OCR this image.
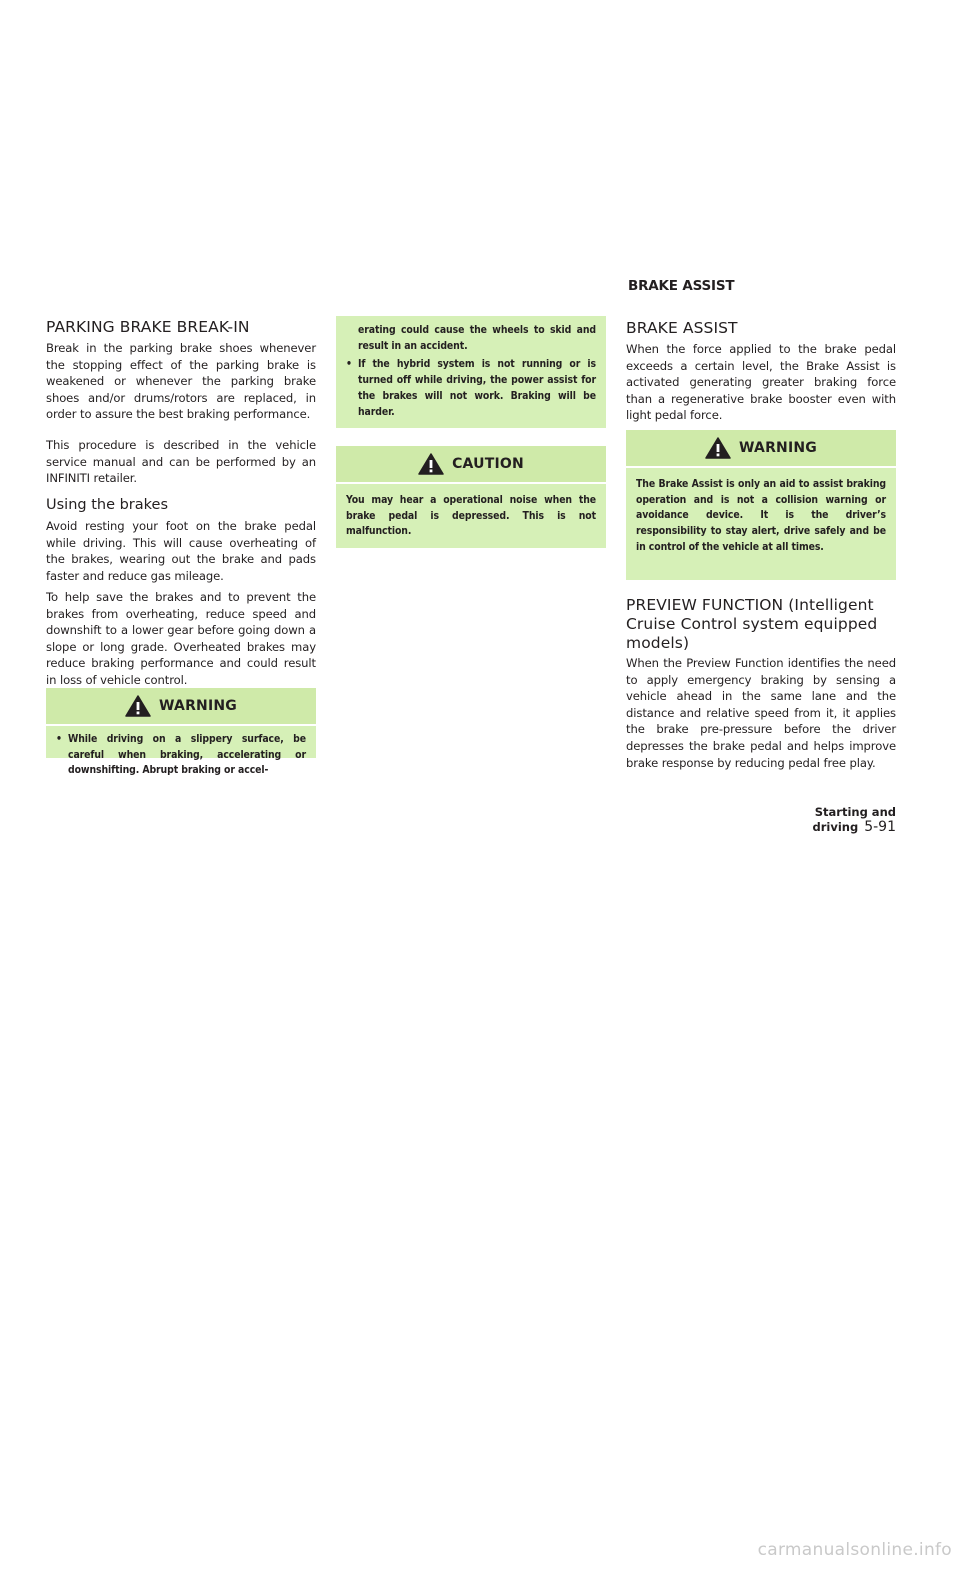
BRAKE ASSIST
PARKING BRAKE BREAK-IN

Break in the parking brake shoes whenever the stopping effect of the parking brake is weakened or whenever the parking brake shoes and/or drums/rotors are replaced, in order to assure the best braking performance.

This procedure is described in the vehicle service manual and can be performed by an INFINITI retailer.

Using the brakes

Avoid resting your foot on the brake pedal while driving. This will cause overheating of the brakes, wearing out the brake and pads faster and reduce gas mileage.

To help save the brakes and to prevent the brakes from overheating, reduce speed and downshift to a lower gear before going down a slope or long grade. Overheated brakes may reduce braking performance and could result in loss of vehicle control.

WARNING
• While driving on a slippery surface, be careful when braking, accelerating or downshifting. Abrupt braking or accel-
erating could cause the wheels to skid and result in an accident.
• If the hybrid system is not running or is turned off while driving, the power assist for the brakes will not work. Braking will be harder.
CAUTION
You may hear a operational noise when the brake pedal is depressed. This is not malfunction.
BRAKE ASSIST

When the force applied to the brake pedal exceeds a certain level, the Brake Assist is activated generating greater braking force than a regenerative brake booster even with light pedal force.

WARNING
The Brake Assist is only an aid to assist braking operation and is not a collision warning or avoidance device. It is the driver’s responsibility to stay alert, drive safely and be in control of the vehicle at all times.
PREVIEW FUNCTION (Intelligent Cruise Control system equipped models)

When the Preview Function identifies the need to apply emergency braking by sensing a vehicle ahead in the same lane and the distance and relative speed from it, it applies the brake pre-pressure before the driver depresses the brake pedal and helps improve brake response by reducing pedal free play.

Starting and driving 5-91
carmanualsonline.info
